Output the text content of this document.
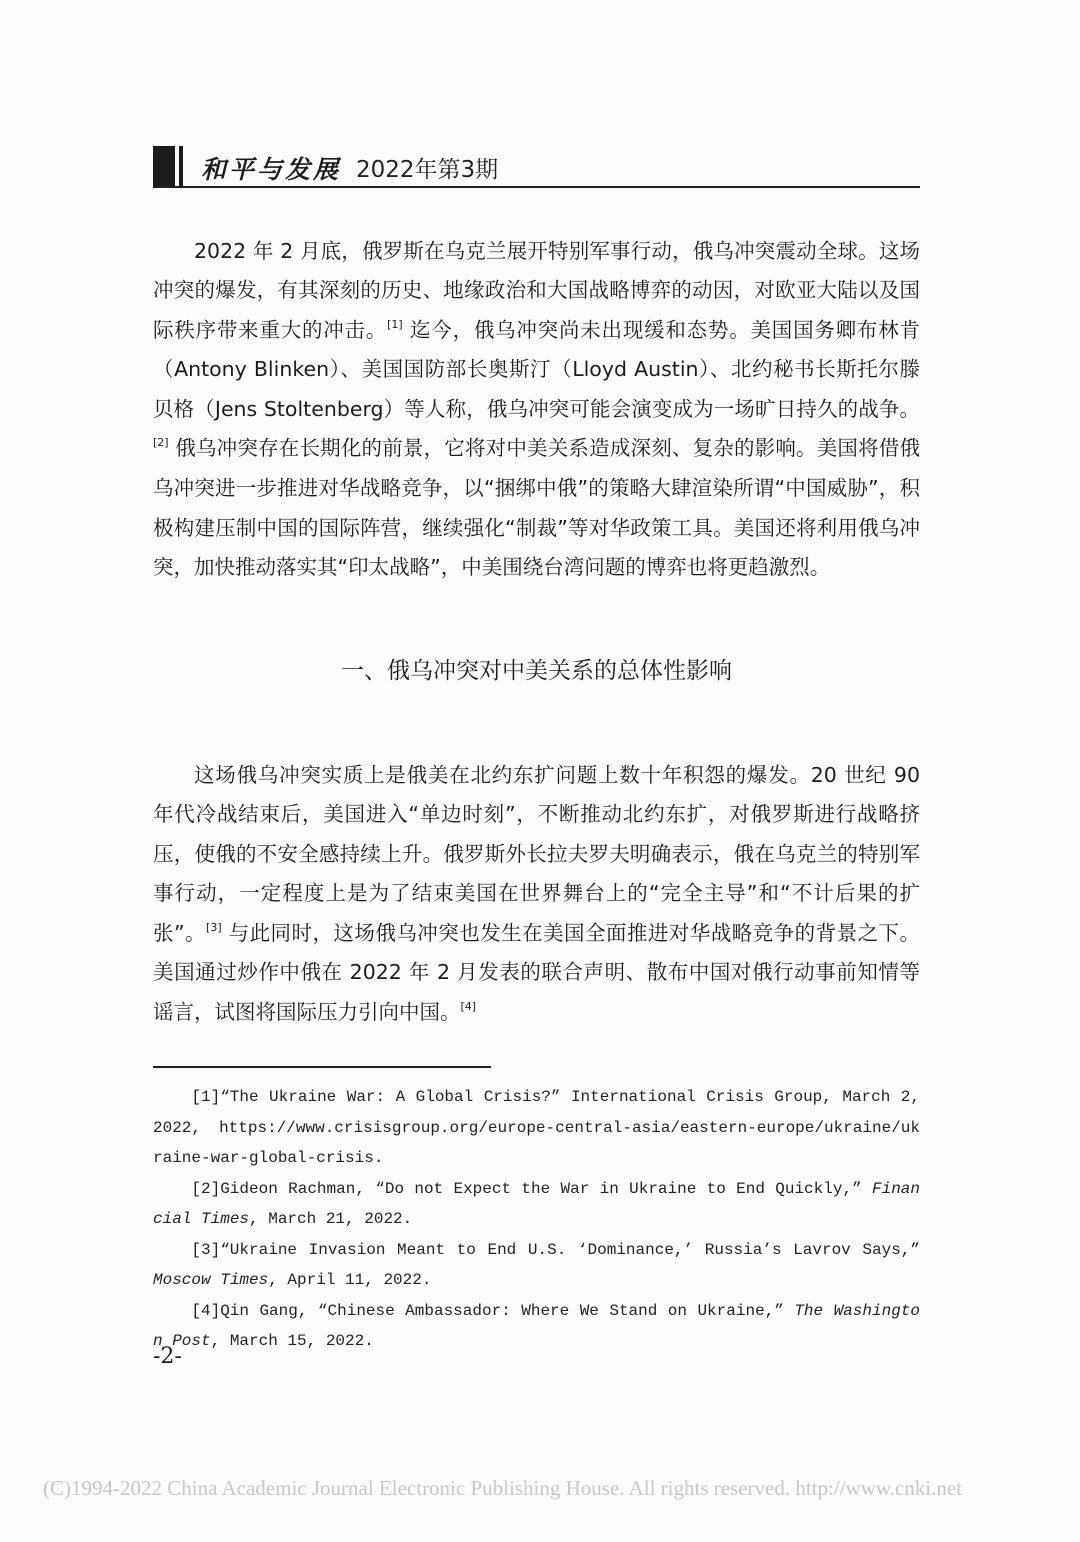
和平与发展 2022年第3期

2022 年 2 月底，俄罗斯在乌克兰展开特别军事行动，俄乌冲突震动全球。这场冲突的爆发，有其深刻的历史、地缘政治和大国战略博弈的动因，对欧亚大陆以及国际秩序带来重大的冲击。[1] 迄今，俄乌冲突尚未出现缓和态势。美国国务卿布林肯（Antony Blinken）、美国国防部长奥斯汀（Lloyd Austin）、北约秘书长斯托尔滕贝格（Jens Stoltenberg）等人称，俄乌冲突可能会演变成为一场旷日持久的战争。[2] 俄乌冲突存在长期化的前景，它将对中美关系造成深刻、复杂的影响。美国将借俄乌冲突进一步推进对华战略竞争，以“捆绑中俄”的策略大肆渲染所谓“中国威胁”，积极构建压制中国的国际阵营，继续强化“制裁”等对华政策工具。美国还将利用俄乌冲突，加快推动落实其“印太战略”，中美围绕台湾问题的博弈也将更趋激烈。

一、俄乌冲突对中美关系的总体性影响

这场俄乌冲突实质上是俄美在北约东扩问题上数十年积怨的爆发。20 世纪 90 年代冷战结束后，美国进入“单边时刻”，不断推动北约东扩，对俄罗斯进行战略挤压，使俄的不安全感持续上升。俄罗斯外长拉夫罗夫明确表示，俄在乌克兰的特别军事行动，一定程度上是为了结束美国在世界舞台上的“完全主导”和“不计后果的扩张”。[3] 与此同时，这场俄乌冲突也发生在美国全面推进对华战略竞争的背景之下。美国通过炒作中俄在 2022 年 2 月发表的联合声明、散布中国对俄行动事前知情等谣言，试图将国际压力引向中国。[4]

[1]“The Ukraine War: A Global Crisis?” International Crisis Group, March 2, 2022, https://www.crisisgroup.org/europe-central-asia/eastern-europe/ukraine/ukraine-war-global-crisis.

[2]Gideon Rachman, “Do not Expect the War in Ukraine to End Quickly,” Financial Times, March 21, 2022.

[3]“Ukraine Invasion Meant to End U.S. ‘Dominance,’ Russia’s Lavrov Says,” Moscow Times, April 11, 2022.

[4]Qin Gang, “Chinese Ambassador: Where We Stand on Ukraine,” The Washington Post, March 15, 2022.

-2-
(C)1994-2022 China Academic Journal Electronic Publishing House. All rights reserved. http://www.cnki.net
